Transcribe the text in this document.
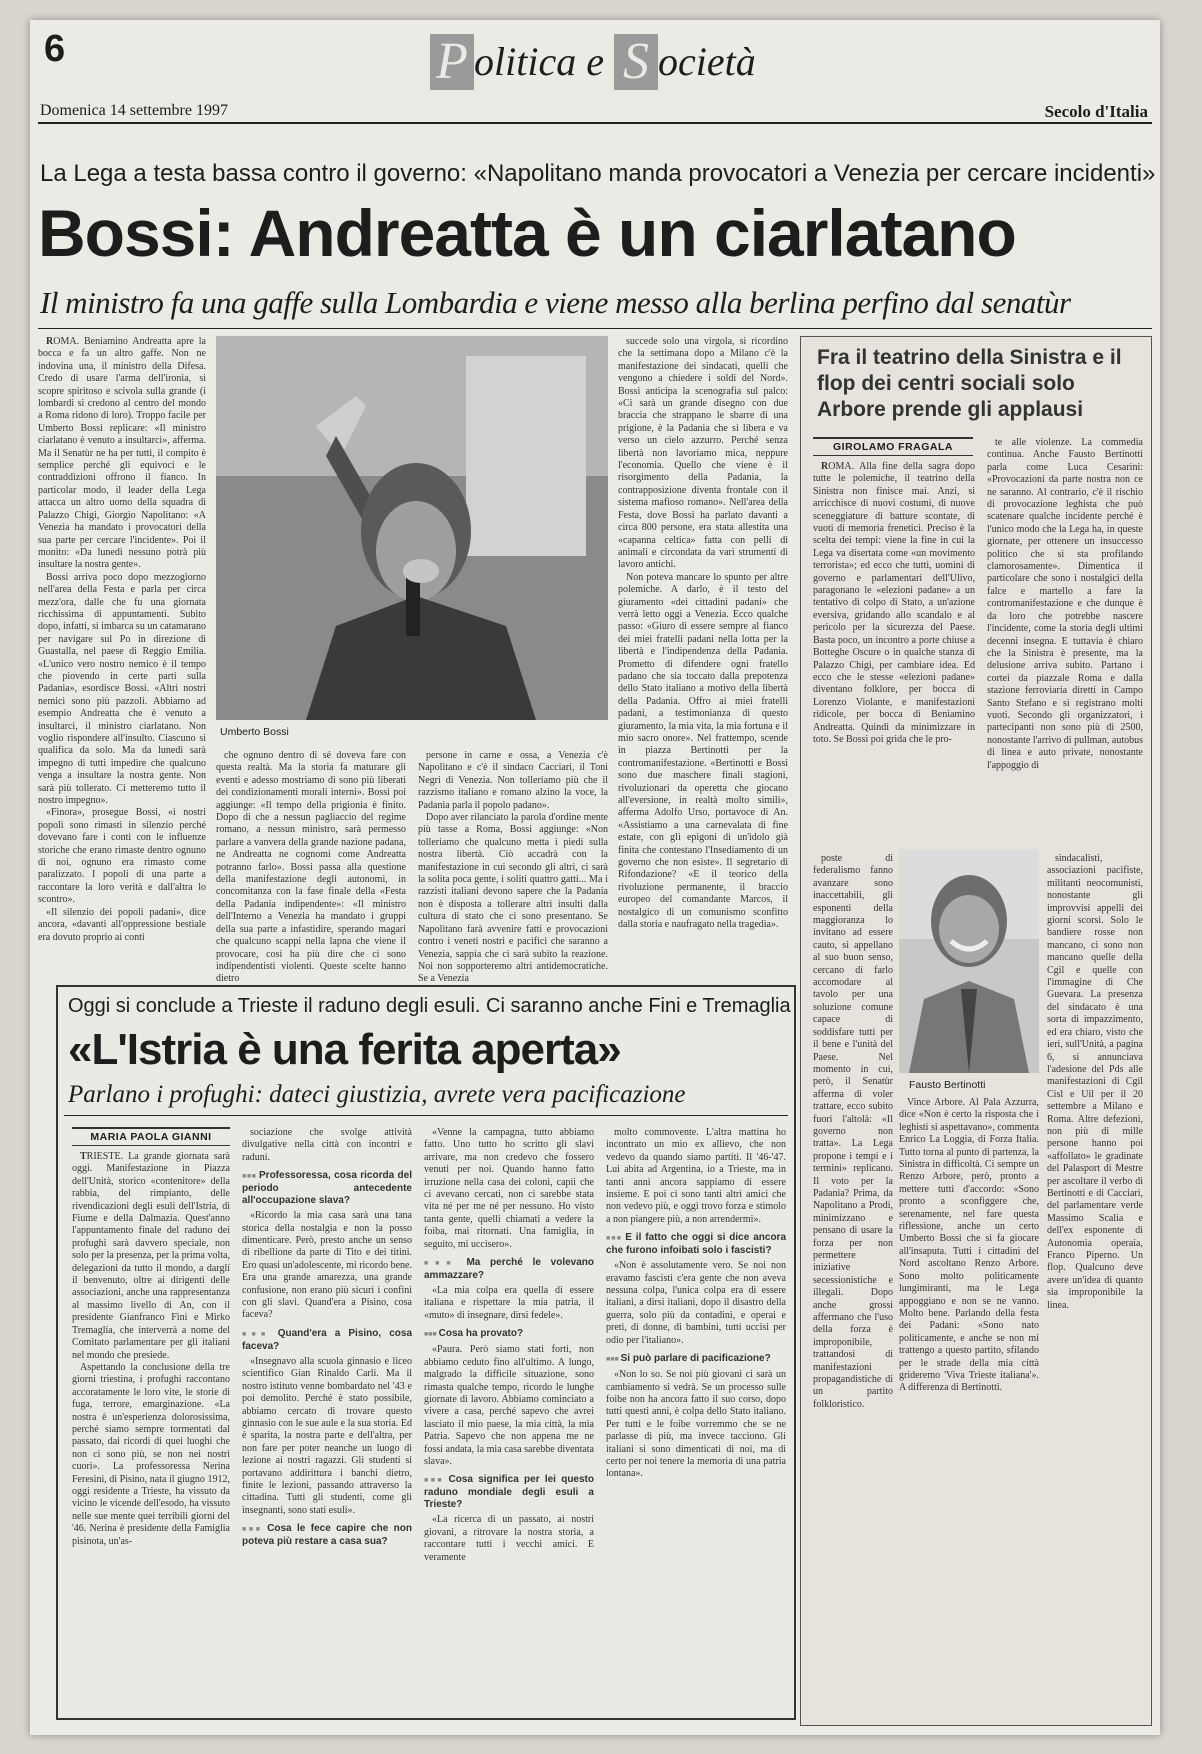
6	P olitica e S ocietà
Domenica 14 settembre 1997	Secolo d'Italia
La Lega a testa bassa contro il governo: «Napolitano manda provocatori a Venezia per cercare incidenti»
Bossi: Andreatta è un ciarlatano
Il ministro fa una gaffe sulla Lombardia e viene messo alla berlina perfino dal senatùr

ROMA. Beniamino Andreatta apre la bocca e fa un altro gaffe. Non ne indovina una, il ministro della Difesa. Credo di usare l'arma dell'ironia, si scopre spiritoso e scivola sulla grande (i lombardi si credono al centro del mondo a Roma ridono di loro). Troppo facile per Umberto Bossi replicare: «Il ministro ciarlatano è venuto a insultarci», afferma. Ma il Senatùr ne ha per tutti, il compito è semplice perché gli equivoci e le contraddizioni offrono il fianco. In particolar modo, il leader della Lega attacca un altro uomo della squadra di Palazzo Chigi, Giorgio Napolitano: «A Venezia ha mandato i provocatori della sua parte per cercare l'incidente». Poi il monito: «Da lunedì nessuno potrà più insultare la nostra gente».

Bossi arriva poco dopo mezzogiorno nell'area della Festa e parla per circa mezz'ora, dalle che fu una giornata ricchissima di appuntamenti. Subito dopo, infatti, si imbarca su un catamarano per navigare sul Po in direzione di Guastalla, nel paese di Reggio Emilia. «L'unico vero nostro nemico è il tempo che piovendo in certe parti sulla Padania», esordisce Bossi. «Altri nostri nemici sono più pazzoli. Abbiamo ad esempio Andreatta che è venuto a insultarci, il ministro ciarlatano. Non voglio rispondere all'insulto. Ciascuno si qualifica da solo. Ma da lunedì sarà impegno di tutti impedire che qualcuno venga a insultare la nostra gente. Non sarà più tollerato. Ci metteremo tutto il nostro impegno».

«Finora», prosegue Bossi, «i nostri popoli sono rimasti in silenzio perché dovevano fare i conti con le influenze storiche che erano rimaste dentro ognuno di noi, ognuno era rimasto come paralizzato. I popoli di una parte a raccontare la loro verità e dall'altra lo scontro».

«Il silenzio dei popoli padani», dice ancora, «davanti all'oppressione bestiale era dovuto proprio ai conti

Umberto Bossi

che ognuno dentro di sé doveva fare con questa realtà. Ma la storia fa maturare gli eventi e adesso mostriamo di sono più liberati dei condizionamenti morali interni». Bossi poi aggiunge: «Il tempo della prigionia è finito. Dopo di che a nessun pagliaccio del regime romano, a nessun ministro, sarà permesso parlare a vanvera della grande nazione padana, ne Andreatta ne cognomi come Andreatta potranno farlo». Bossi passa alla questione della manifestazione degli autonomi, in concomitanza con la fase finale della «Festa della Padania indipendente»: «Il ministro dell'Interno a Venezia ha mandato i gruppi della sua parte a infastidire, sperando magari che qualcuno scappi nella lapna che viene il provocare, così ha più dire che ci sono indipendentisti violenti. Queste scelte hanno dietro

persone in carne e ossa, a Venezia c'è Napolitano e c'è il sindaco Cacciari, il Toni Negri di Venezia. Non tolleriamo più che il razzismo italiano e romano alzino la voce, la Padania parla il popolo padano».

Dopo aver rilanciato la parola d'ordine mente più tasse a Roma, Bossi aggiunge: «Non tolleriamo che qualcuno metta i piedi sulla nostra libertà. Ciò accadrà con la manifestazione in cui secondo gli altri, ci sarà la solita poca gente, i soliti quattro gatti... Ma i razzisti italiani devono sapere che la Padania non è disposta a tollerare altri insulti dalla cultura di stato che ci sono presentano. Se Napolitano farà avvenire fatti e provocazioni contro i veneti nostri e pacifici che saranno a Venezia, sappia che ci sarà subito la reazione. Noi non sopporteremo altri antidemocratiche. Se a Venezia

succede solo una virgola, si ricordino che la settimana dopo a Milano c'è la manifestazione dei sindacati, quelli che vengono a chiedere i soldi del Nord». Bossi anticipa la scenografia sul palco: «Ci sarà un grande disegno con due braccia che strappano le sbarre di una prigione, è la Padania che si libera e va verso un cielo azzurro. Perché senza libertà non lavoriamo mica, neppure l'economia. Quello che viene è il risorgimento della Padania, la contrapposizione diventa frontale con il sistema mafioso romano». Nell'area della Festa, dove Bossi ha parlato davanti a circa 800 persone, era stata allestita una «capanna celtica» fatta con pelli di animali e circondata da vari strumenti di lavoro antichi.

Non poteva mancare lo spunto per altre polemiche. A darlo, è il testo del giuramento «dei cittadini padani» che verrà letto oggi a Venezia. Ecco qualche passo: «Giuro di essere sempre al fianco dei miei fratelli padani nella lotta per la libertà e l'indipendenza della Padania. Prometto di difendere ogni fratello padano che sia toccato dalla prepotenza dello Stato italiano a motivo della libertà della Padania. Offro ai miei fratelli padani, a testimonianza di questo giuramento, la mia vita, la mia fortuna e il mio sacro onore». Nel frattempo, scende in piazza Bertinotti per la contromanifestazione. «Bertinotti e Bossi sono due maschere finali stagioni, rivoluzionari da operetta che giocano all'eversione, in realtà molto simili», afferma Adolfo Urso, portavoce di An. «Assistiamo a una carnevalata di fine estate, con gli epigoni di un'idolo già finita che contestano l'Insediamento di un governo che non esiste». Il segretario di Rifondazione? «E il teorico della rivoluzione permanente, il braccio europeo del comandante Marcos, il nostalgico di un comunismo sconfitto dalla storia e naufragato nella tragedia».

Fra il teatrino della Sinistra e il flop dei centri sociali solo Arbore prende gli applausi
GIROLAMO FRAGALA

ROMA. Alla fine della sagra dopo tutte le polemiche, il teatrino della Sinistra non finisce mai. Anzi, si arricchisce di nuovi costumi, di nuove sceneggiature di batture scontate, di vuoti di memoria frenetici. Preciso è la scelta dei tempi: viene la fine in cui la Lega va disertata come «un movimento terrorista»; ed ecco che tutti, uomini di governo e parlamentari dell'Ulivo, paragonano le «elezioni padane» a un tentativo di colpo di Stato, a un'azione eversiva, gridando allo scandalo e al pericolo per la sicurezza del Paese. Basta poco, un incontro a porte chiuse a Botteghe Oscure o in qualche stanza di Palazzo Chigi, per cambiare idea. Ed ecco che le stesse «elezioni padane» diventano folklore, per bocca di Lorenzo Violante, e manifestazioni ridicole, per bocca di Beniamino Andreatta. Quindi da minimizzare in toto. Se Bossi poi grida che le pro-

poste di federalismo fanno avanzare sono inaccettabili, gli esponenti della maggioranza lo invitano ad essere cauto, si appellano al suo buon senso, cercano di farlo accomodare al tavolo per una soluzione comune capace di soddisfare tutti per il bene e l'unità del Paese. Nel momento in cui, però, il Senatùr afferma di voler trattare, ecco subito fuori l'altolà: «Il governo non tratta». La Lega propone i tempi e i termini» replicano. Il voto per la Padania? Prima, da Napolitano a Prodi, minimizzano e pensano di usare la forza per non permettere iniziative secessionistiche e illegali. Dopo anche grossi affermano che l'uso della forza è improponibile, trattandosi di manifestazioni propagandistiche di un partito folkloristico.

Fausto Bertinotti

Vince Arbore. Al Pala Azzurra, dice «Non è certo la risposta che i leghisti si aspettavano», commenta Enrico La Loggia, di Forza Italia. Tutto torna al punto di partenza, la Sinistra in difficoltà. Ci sempre un Renzo Arbore, però, pronto a mettere tutti d'accordo: «Sono pronto a sconfiggere che, serenamente, nel fare questa riflessione, anche un certo Umberto Bossi che si fa giocare all'insaputa. Tutti i cittadini del Nord ascoltano Renzo Arbore. Sono molto politicamente lungimiranti, ma le Lega appoggiano e non se ne vanno. Molto bene. Parlando della festa dei Padani: «Sono nato politicamente, e anche se non mi trattengo a questo partito, sfilando per le strade della mia città grideremo 'Viva Trieste italiana'». A differenza di Bertinotti.

te alle violenze. La commedia continua. Anche Fausto Bertinotti parla come Luca Cesarini: «Provocazioni da parte nostra non ce ne saranno. Al contrario, c'è il rischio di provocazione leghista che può scatenare qualche incidente perché è l'unico modo che la Lega ha, in queste giornate, per ottenere un insuccesso politico che si sta profilando clamorosamente». Dimentica il particolare che sono i nostalgici della falce e martello a fare la contromanifestazione e che dunque è da loro che potrebbe nascere l'incidente, come la storia degli ultimi decenni insegna. E tuttavia è chiaro che la Sinistra è presente, ma la delusione arriva subito. Partano i cortei da piazzale Roma e dalla stazione ferroviaria diretti in Campo Santo Stefano e si registrano molti vuoti. Secondo gli organizzatori, i partecipanti non sono più di 2500, nonostante l'arrivo di pullman, autobus di linea e auto private, nonostante l'appoggio di

sindacalisti, associazioni pacifiste, militanti neocomunisti, nonostante gli improvvisi appelli dei giorni scorsi. Solo le bandiere rosse non mancano, ci sono non mancano quelle della Cgil e quelle con l'immagine di Che Guevara. La presenza del sindacato è una sorta di impazzimento, ed era chiaro, visto che ieri, sull'Unità, a pagina 6, si annunciava l'adesione del Pds alle manifestazioni di Cgil Cisl e Uil per il 20 settembre a Milano e Roma. Altre defezioni, non più di mille persone hanno poi «affollato» le gradinate del Palasport di Mestre per ascoltare il verbo di Bertinotti e di Cacciari, del parlamentare verde Massimo Scalia e dell'ex esponente di Autonomia operaia, Franco Piperno. Un flop. Qualcuno deve avere un'idea di quanto sia improponibile la linea.

Oggi si conclude a Trieste il raduno degli esuli. Ci saranno anche Fini e Tremaglia
«L'Istria è una ferita aperta»
Parlano i profughi: dateci giustizia, avrete vera pacificazione
MARIA PAOLA GIANNI

TRIESTE. La grande giornata sarà oggi. Manifestazione in Piazza dell'Unità, storico «contenitore» della rabbia, del rimpianto, delle rivendicazioni degli esuli dell'Istria, di Fiume e della Dalmazia. Quest'anno l'appuntamento finale del raduno dei profughi sarà davvero speciale, non solo per la presenza, per la prima volta, delegazioni da tutto il mondo, a darglí il benvenuto, oltre ai dirigenti delle associazioni, anche una rappresentanza al massimo livello di An, con il presidente Gianfranco Fini e Mirko Tremaglia, che interverrà a nome del Comitato parlamentare per gli italiani nel mondo che presiede.

Aspettando la conclusione della tre giorni triestina, i profughi raccontano accoratamente le loro vite, le storie di fuga, terrore, emarginazione. «La nostra è un'esperienza dolorosissima, perché siamo sempre tormentati dal passato, dai ricordi di quei luoghi che non ci sono più, se non nei nostri cuori». La professoressa Nerina Feresini, di Pisino, nata il giugno 1912, oggi residente a Trieste, ha vissuto da vicino le vicende dell'esodo, ha vissuto nelle sue mente quei terribili giorni del '46. Nerina è presidente della Famiglia pisinota, un'as-

sociazione che svolge attività divulgative nella città con incontri e raduni.

■■■ Professoressa, cosa ricorda del periodo antecedente all'occupazione slava?

«Ricordo la mia casa sarà una tana storica della nostalgia e non la posso dimenticare. Però, presto anche un senso di ribellione da parte di Tito e dei titini. Ero quasi un'adolescente, mi ricordo bene. Era una grande amarezza, una grande confusione, non erano più sicuri i confini con gli slavi. Quand'era a Pisino, cosa faceva?

■■■ Quand'era a Pisino, cosa faceva?

«Insegnavo alla scuola ginnasio e liceo scientifico Gian Rinaldo Carli. Ma il nostro istituto venne bombardato nel '43 e poi demolito. Perché è stato possibile, abbiamo cercato di trovare questo ginnasio con le sue aule e la sua storia. Ed è sparita, la nostra parte e dell'altra, per non fare per poter neanche un luogo di lezione ai nostri ragazzi. Gli studenti si portavano addirittura i banchi dietro, finite le lezioni, passando attraverso la cittadina. Tutti gli studenti, come gli insegnanti, sono stati esuli».

■■■ Cosa le fece capire che non poteva più restare a casa sua?

«Venne la campagna, tutto abbiamo fatto. Uno tutto ho scritto gli slavi arrivare, ma non credevo che fossero venuti per noi. Quando hanno fatto irruzione nella casa dei coloni, capii che ci avevano cercati, non ci sarebbe stata vita né per me né per nessuno. Ho visto tanta gente, quelli chiamati a vedere la foiba, mai ritornati. Una famiglia, in seguito, mi uccisero».

■■■ Ma perché le volevano ammazzare?

«La mia colpa era quella di essere italiana e rispettare la mia patria, il «muto» di insegnare, dirsi fedele».

■■■ Cosa ha provato?

«Paura. Però siamo stati forti, non abbiamo ceduto fino all'ultimo. A lungo, malgrado la difficile situazione, sono rimasta qualche tempo, ricordo le lunghe giornate di lavoro. Abbiamo cominciato a vivere a casa, perché sapevo che avrei lasciato il mio paese, la mia città, la mia Patria. Sapevo che non appena me ne fossi andata, la mia casa sarebbe diventata slava».

■■■ Cosa significa per lei questo raduno mondiale degli esuli a Trieste?

«La ricerca di un passato, ai nostri giovani, a ritrovare la nostra storia, a raccontare tutti i vecchi amici. E veramente

molto commovente. L'altra mattina ho incontrato un mio ex allievo, che non vedevo da quando siamo partiti. Il '46-'47. Lui abita ad Argentina, io a Trieste, ma in tanti anni ancora sappiamo di essere insieme. E poi ci sono tanti altri amici che non vedevo più, e oggi trovo forza e stimolo a non piangere più, a non arrendermi».

■■■ E il fatto che oggi si dice ancora che furono infoibati solo i fascisti?

«Non è assolutamente vero. Se noi non eravamo fascisti c'era gente che non aveva nessuna colpa, l'unica colpa era di essere italiani, a dirsi italiani, dopo il disastro della guerra, solo più da contadini, e operai e preti, di donne, di bambini, tutti uccisi per odio per l'italiano».

■■■ Si può parlare di pacificazione?

«Non lo so. Se noi più giovani ci sarà un cambiamento si vedrà. Se un processo sulle foibe non ha ancora fatto il suo corso, dopo tutti questi anni, è colpa dello Stato italiano. Per tutti e le foibe vorremmo che se ne parlasse di più, ma invece tacciono. Gli italiani si sono dimenticati di noi, ma di certo per noi tenere la memoria di una patria lontana».
